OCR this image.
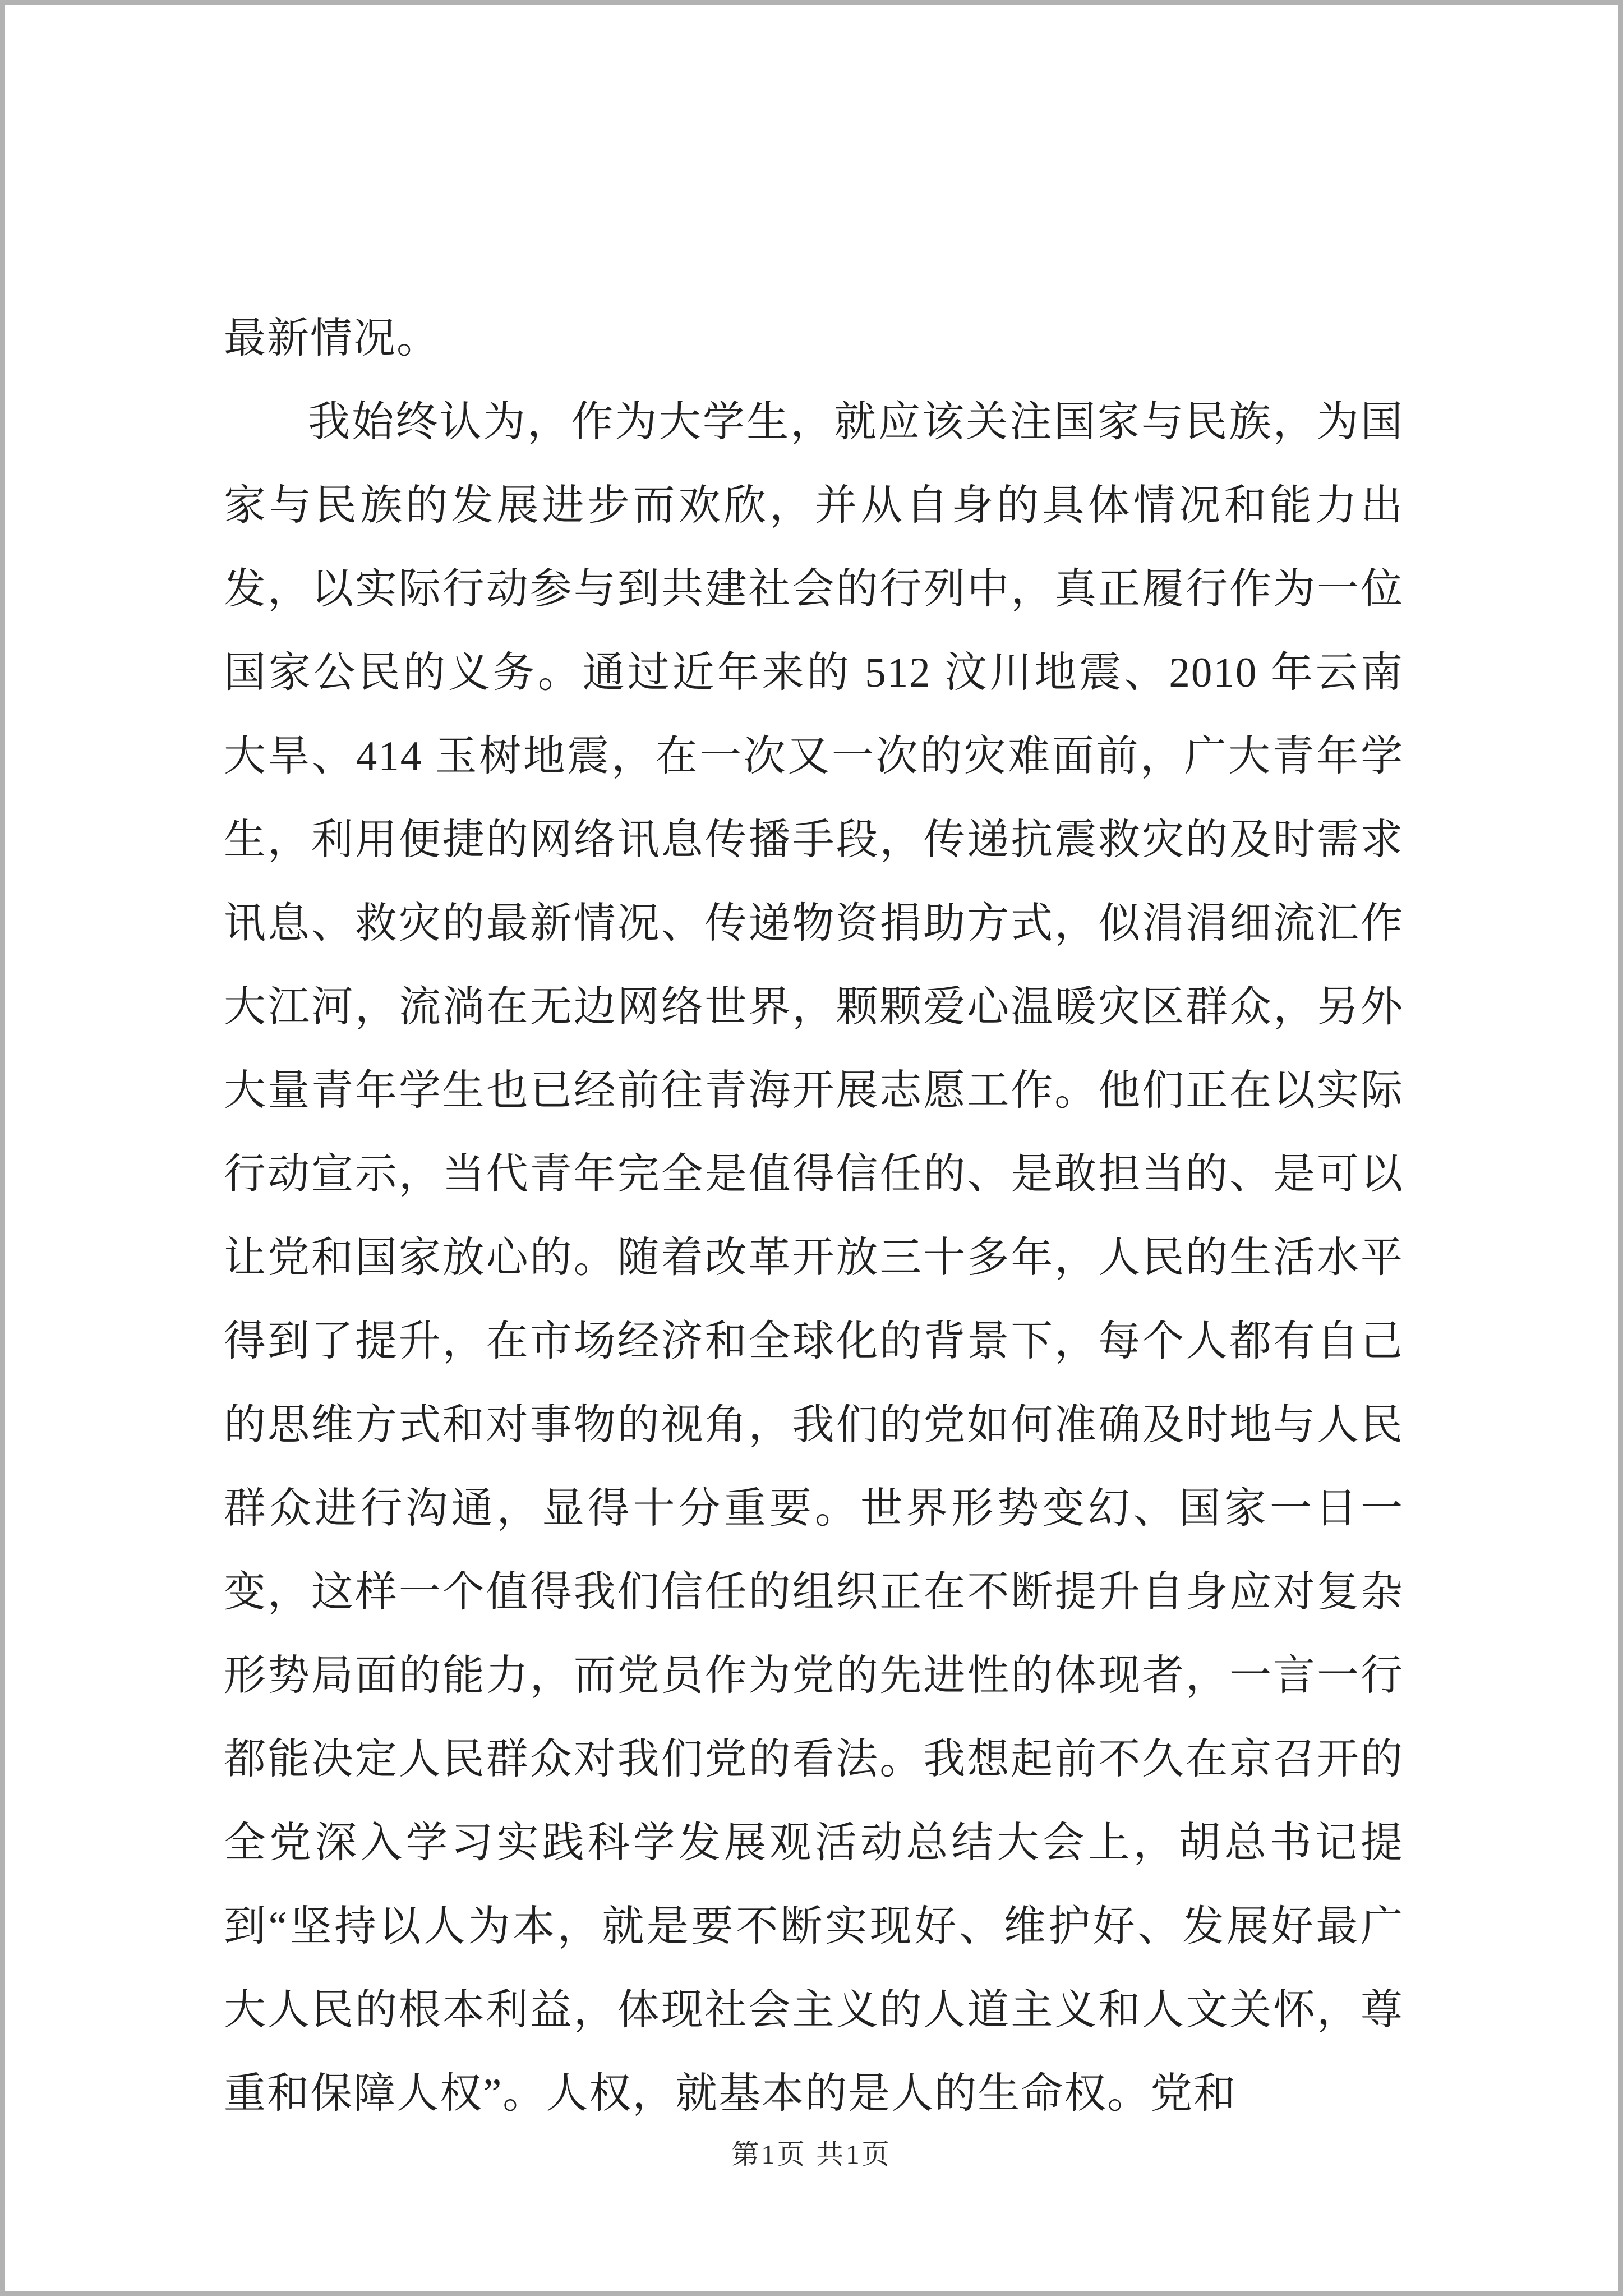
最新情况。

我始终认为，作为大学生，就应该关注国家与民族，为国家与民族的发展进步而欢欣，并从自身的具体情况和能力出发，以实际行动参与到共建社会的行列中，真正履行作为一位国家公民的义务。通过近年来的 512 汶川地震、2010 年云南大旱、414 玉树地震，在一次又一次的灾难面前，广大青年学生，利用便捷的网络讯息传播手段，传递抗震救灾的及时需求讯息、救灾的最新情况、传递物资捐助方式，似涓涓细流汇作大江河，流淌在无边网络世界，颗颗爱心温暖灾区群众，另外大量青年学生也已经前往青海开展志愿工作。他们正在以实际行动宣示，当代青年完全是值得信任的、是敢担当的、是可以让党和国家放心的。随着改革开放三十多年，人民的生活水平得到了提升，在市场经济和全球化的背景下，每个人都有自己的思维方式和对事物的视角，我们的党如何准确及时地与人民群众进行沟通，显得十分重要。世界形势变幻、国家一日一变，这样一个值得我们信任的组织正在不断提升自身应对复杂形势局面的能力，而党员作为党的先进性的体现者，一言一行都能决定人民群众对我们党的看法。我想起前不久在京召开的全党深入学习实践科学发展观活动总结大会上，胡总书记提到“坚持以人为本，就是要不断实现好、维护好、发展好最广大人民的根本利益，体现社会主义的人道主义和人文关怀，尊重和保障人权”。人权，就基本的是人的生命权。党和

第1页 共1页
